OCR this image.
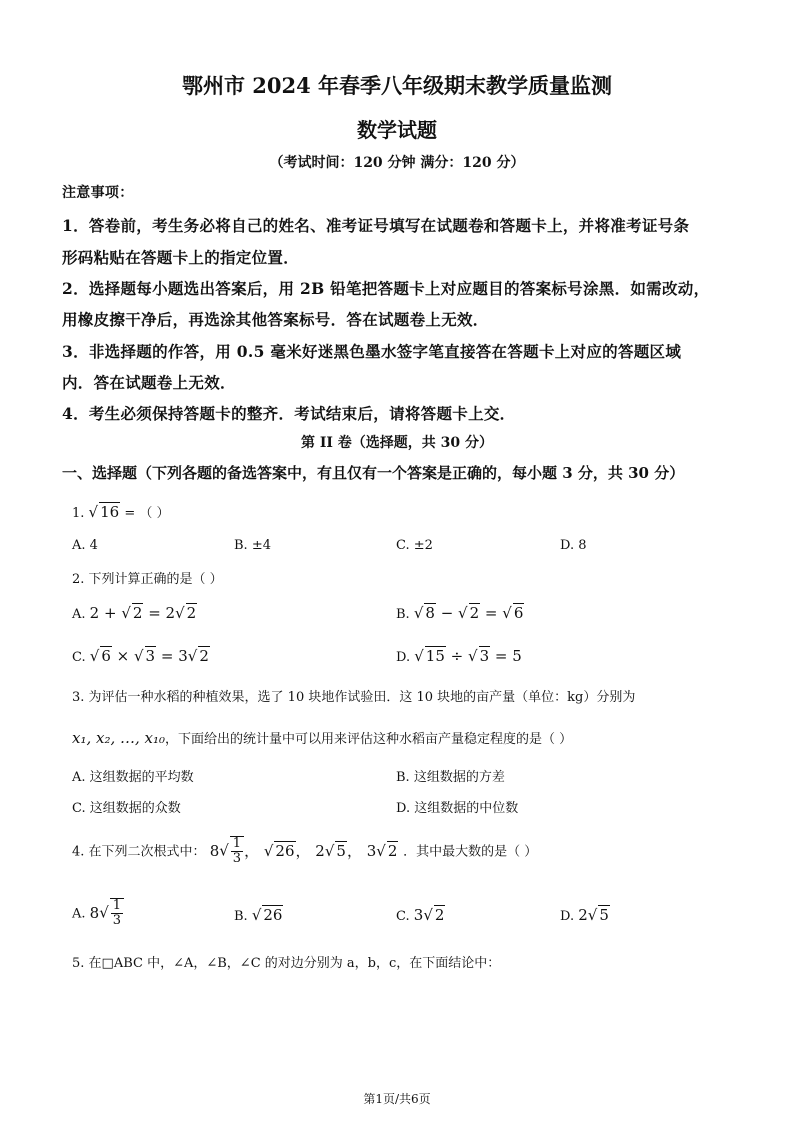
鄂州市 2024 年春季八年级期末教学质量监测
数学试题
（考试时间：120 分钟 满分：120 分）
注意事项：
1．答卷前，考生务必将自己的姓名、准考证号填写在试题卷和答题卡上，并将准考证号条
形码粘贴在答题卡上的指定位置．
2．选择题每小题选出答案后，用 2B 铅笔把答题卡上对应题目的答案标号涂黑．如需改动，
用橡皮擦干净后，再选涂其他答案标号．答在试题卷上无效．
3．非选择题的作答，用 0.5 毫米好迷黑色墨水签字笔直接答在答题卡上对应的答题区域
内．答在试题卷上无效．
4．考生必须保持答题卡的整齐．考试结束后，请将答题卡上交．
第 II 卷（选择题，共 30 分）
一、选择题（下列各题的备选答案中，有且仅有一个答案是正确的，每小题 3 分，共 30 分）
1. √ 16 = （ ）
A. 4	B. ±4	C. ±2	D. 8
2. 下列计算正确的是（ ）
A. 2 + √ 2 = 2√ 2	B. √ 8 − √ 2 = √ 6
C. √ 6 × √ 3 = 3√ 2	D. √ 15 ÷ √ 3 = 5
3. 为评估一种水稻的种植效果，选了 10 块地作试验田．这 10 块地的亩产量（单位：kg）分别为
x₁, x₂, …, x₁₀，下面给出的统计量中可以用来评估这种水稻亩产量稳定程度的是（ ）
A. 这组数据的平均数	B. 这组数据的方差
C. 这组数据的众数	D. 这组数据的中位数
4. 在下列二次根式中： $8√ \frac{1}{3}$ ， √ 26， 2√ 5， 3√ 2 ．其中最大数的是（ ）
A. $8√ \frac{1}{3}$	B. √ 26	C. 3√ 2	D. 2√ 5
5. 在□ABC 中，∠A，∠B，∠C 的对边分别为 a，b，c，在下面结论中：
第1页/共6页
